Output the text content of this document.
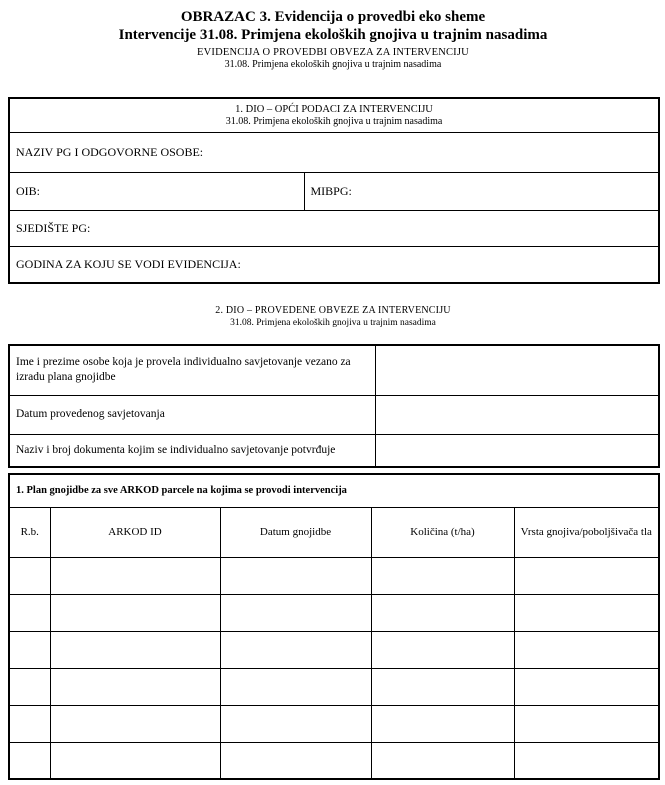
OBRAZAC 3. Evidencija o provedbi eko sheme
Intervencije 31.08. Primjena ekoloških gnojiva u trajnim nasadima
EVIDENCIJA O PROVEDBI OBVEZA ZA INTERVENCIJU
31.08. Primjena ekoloških gnojiva u trajnim nasadima
1. DIO – OPĆI PODACI ZA INTERVENCIJU
31.08. Primjena ekoloških gnojiva u trajnim nasadima

NAZIV PG I ODGOVORNE OSOBE:
OIB:	MIBPG:
SJEDIŠTE PG:
GODINA ZA KOJU SE VODI EVIDENCIJA:
2. DIO – PROVEDENE OBVEZE ZA INTERVENCIJU
31.08. Primjena ekoloških gnojiva u trajnim nasadima
Ime i prezime osobe koja je provela individualno savjetovanje vezano za izradu plana gnojidbe	
Datum provedenog savjetovanja	
Naziv i broj dokumenta kojim se individualno savjetovanje potvrđuje	
1. Plan gnojidbe za sve ARKOD parcele na kojima se provodi intervencija				
R.b.	ARKOD ID	Datum gnojidbe	Količina (t/ha)	Vrsta gnojiva/poboljšivača tla
